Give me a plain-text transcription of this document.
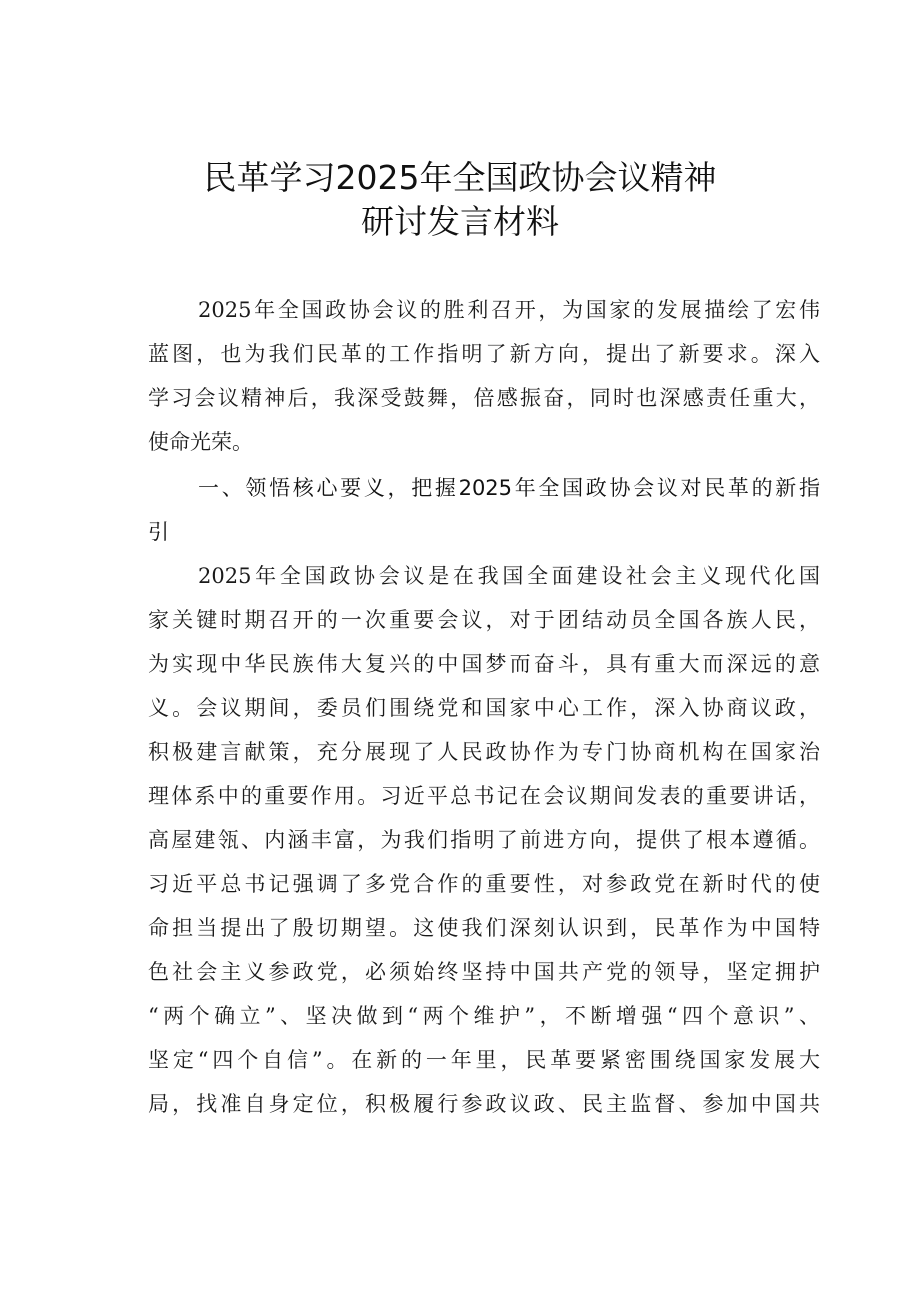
民革学习2025年全国政协会议精神
研讨发言材料
2025年全国政协会议的胜利召开，为国家的发展描绘了宏伟
蓝图，也为我们民革的工作指明了新方向，提出了新要求。深入
学习会议精神后，我深受鼓舞，倍感振奋，同时也深感责任重大，
使命光荣。
一、领悟核心要义，把握2025年全国政协会议对民革的新指
引
2025年全国政协会议是在我国全面建设社会主义现代化国
家关键时期召开的一次重要会议，对于团结动员全国各族人民，
为实现中华民族伟大复兴的中国梦而奋斗，具有重大而深远的意
义。会议期间，委员们围绕党和国家中心工作，深入协商议政，
积极建言献策，充分展现了人民政协作为专门协商机构在国家治
理体系中的重要作用。习近平总书记在会议期间发表的重要讲话，
高屋建瓴、内涵丰富，为我们指明了前进方向，提供了根本遵循。
习近平总书记强调了多党合作的重要性，对参政党在新时代的使
命担当提出了殷切期望。这使我们深刻认识到，民革作为中国特
色社会主义参政党，必须始终坚持中国共产党的领导，坚定拥护
“两个确立”、坚决做到“两个维护”，不断增强“四个意识”、
坚定“四个自信”。在新的一年里，民革要紧密围绕国家发展大
局，找准自身定位，积极履行参政议政、民主监督、参加中国共
